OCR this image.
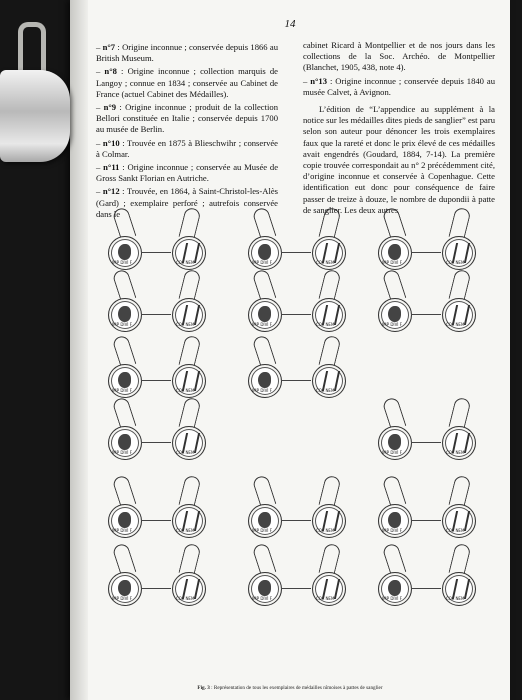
14
– n°7 : Origine inconnue ; conservée depuis 1866 au British Museum.
– n°8 : Origine inconnue ; collection marquis de Langoy ; connue en 1834 ; conservée au Cabinet de France (actuel Cabinet des Médailles).
– n°9 : Origine inconnue ; produit de la collection Bellori constituée en Italie ; conservée depuis 1700 au musée de Berlin.
– n°10 : Trouvée en 1875 à Blieschwihr ; conservée à Colmar.
– n°11 : Origine inconnue ; conservée au Musée de Gross Sankt Florian en Autriche.
– n°12 : Trouvée, en 1864, à Saint-Christol-les-Alès (Gard) ; exemplaire perforé ; autrefois conservée dans le
cabinet Ricard à Montpellier et de nos jours dans les collections de la Soc. Archéo. de Montpellier (Blanchet, 1905, 438, note 4).
– n°13 : Origine inconnue ; conservée depuis 1840 au musée Calvet, à Avignon.
L’édition de “L’appendice au supplément à la notice sur les médailles dites pieds de sanglier” est paru selon son auteur pour dénoncer les trois exemplaires faux que la rareté et donc le prix élevé de ces médailles avait engendrés (Goudard, 1884, 7-14). La première copie trouvée correspondait au n° 2 précédemment cité, d’origine inconnue et conservée à Copenhague. Cette identification eut donc pour conséquence de faire passer de treize à douze, le nombre de dupondii à patte de sanglier. Les deux autres
IMP DIVI F	COL NEM	IMP DIVI F	COL NEM	IMP DIVI F	COL NEM
IMP DIVI F	COL NEM	IMP DIVI F	COL NEM	IMP DIVI F	COL NEM
IMP DIVI F	COL NEM	IMP DIVI F	COL NEM
IMP DIVI F	COL NEM	IMP DIVI F	COL NEM
IMP DIVI F	COL NEM	IMP DIVI F	COL NEM	IMP DIVI F	COL NEM
IMP DIVI F	COL NEM	IMP DIVI F	COL NEM	IMP DIVI F	COL NEM
Fig. 3 : Représentation de tous les exemplaires de médailles nîmoises à pattes de sanglier
